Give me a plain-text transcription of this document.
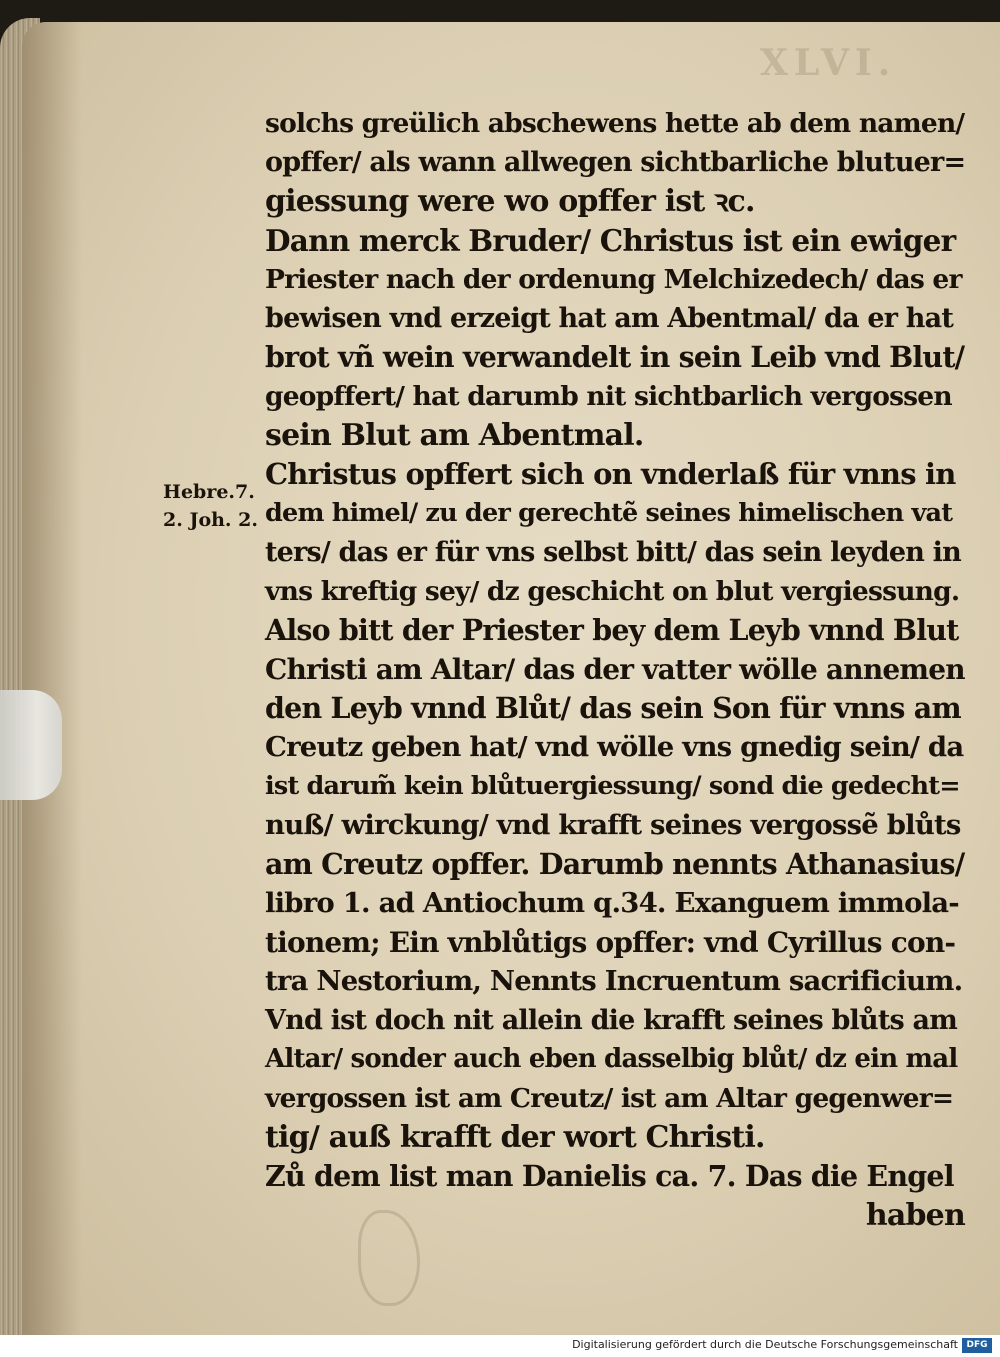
XLVI.
Hebre.7.
2. Joh. 2.
solchs greülich abschewens hette ab dem namen/
opffer/ als wann allwegen sichtbarliche blutuer=
giessung were wo opffer ist ꝛc.
Dann merck Bruder/ Christus ist ein ewiger
Priester nach der ordenung Melchizedech/ das er
bewisen vnd erzeigt hat am Abentmal/ da er hat
brot vñ wein verwandelt in sein Leib vnd Blut/
geopffert/ hat darumb nit sichtbarlich vergossen
sein Blut am Abentmal.
Christus opffert sich on vnderlaß für vnns in
dem himel/ zu der gerechtẽ seines himelischen vat
ters/ das er für vns selbst bitt/ das sein leyden in
vns kreftig sey/ dz geschicht on blut vergiessung.
Also bitt der Priester bey dem Leyb vnnd Blut
Christi am Altar/ das der vatter wölle annemen
den Leyb vnnd Blůt/ das sein Son für vnns am
Creutz geben hat/ vnd wölle vns gnedig sein/ da
ist darum̃ kein blůtuergiessung/ sond die gedecht=
nuß/ wirckung/ vnd krafft seines vergossẽ blůts
am Creutz opffer. Darumb nennts Athanasius/
libro 1. ad Antiochum q.34. Exanguem immola-
tionem; Ein vnblůtigs opffer: vnd Cyrillus con-
tra Nestorium, Nennts Incruentum sacrificium.
Vnd ist doch nit allein die krafft seines blůts am
Altar/ sonder auch eben dasselbig blůt/ dz ein mal
vergossen ist am Creutz/ ist am Altar gegenwer=
tig/ auß krafft der wort Christi.
Zů dem list man Danielis ca. 7. Das die Engel
haben
Digitalisierung gefördert durch die Deutsche Forschungsgemeinschaft DFG
